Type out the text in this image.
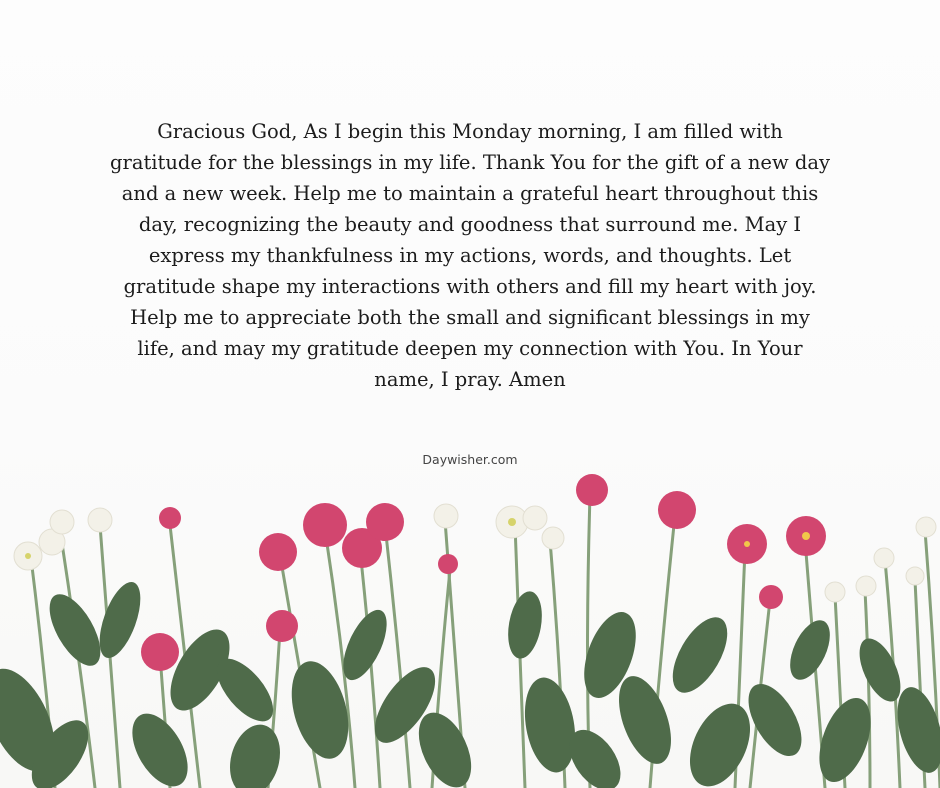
Gracious God, As I begin this Monday morning, I am filled with gratitude for the blessings in my life. Thank You for the gift of a new day and a new week. Help me to maintain a grateful heart throughout this day, recognizing the beauty and goodness that surround me. May I express my thankfulness in my actions, words, and thoughts. Let gratitude shape my interactions with others and fill my heart with joy. Help me to appreciate both the small and significant blessings in my life, and may my gratitude deepen my connection with You. In Your name, I pray. Amen

Daywisher.com
